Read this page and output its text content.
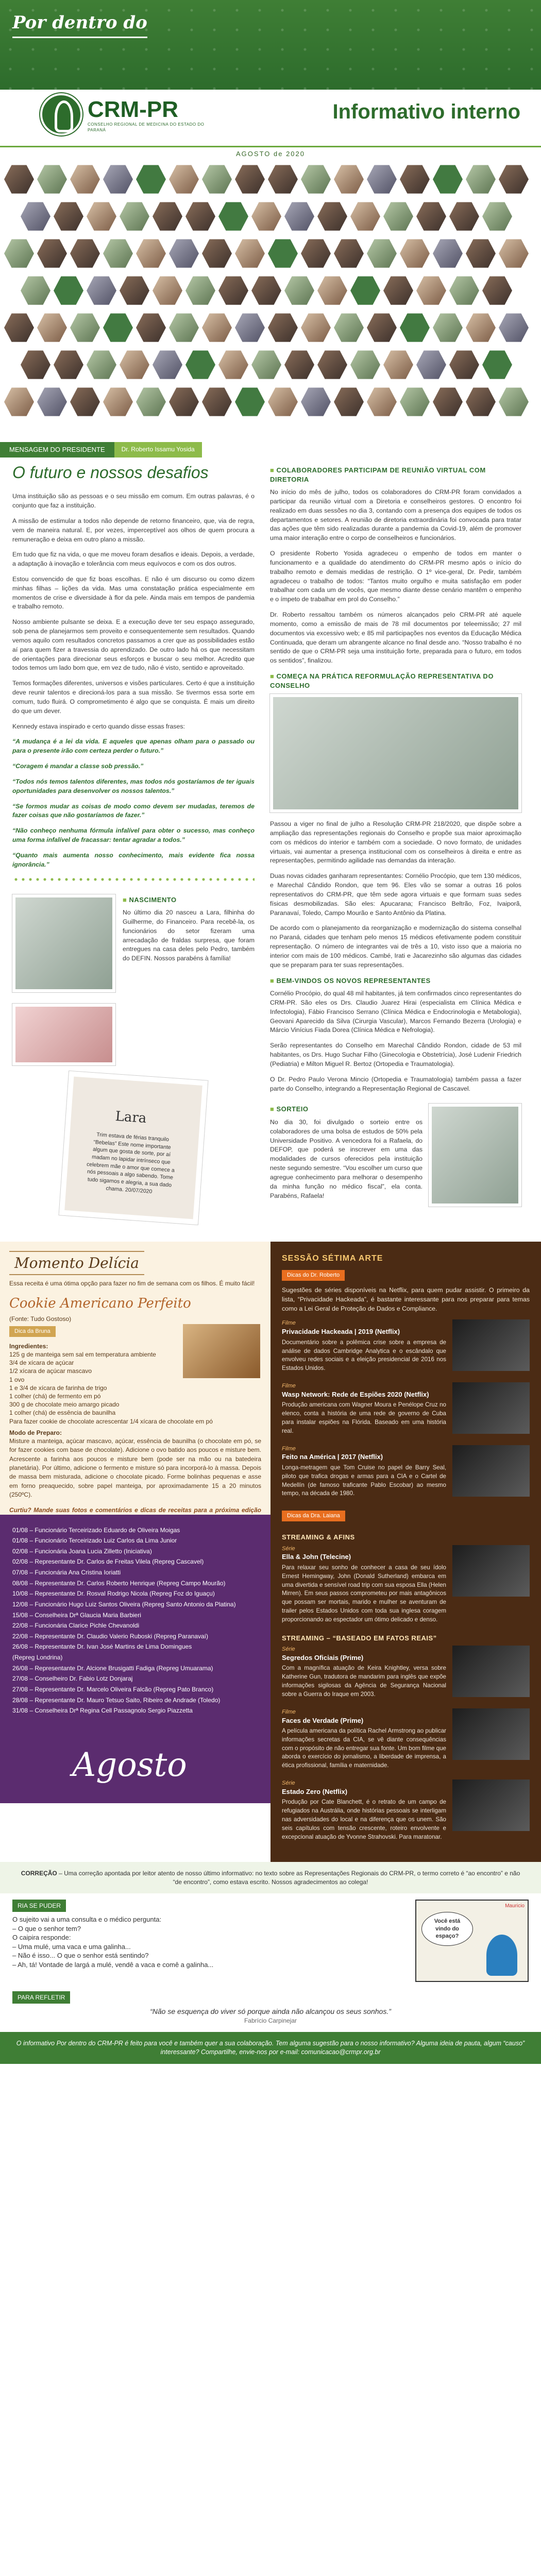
Por dentro do
CRM-PR
CONSELHO REGIONAL DE MEDICINA DO ESTADO DO PARANÁ
Informativo interno
AGOSTO de 2020
MENSAGEM DO PRESIDENTE	Dr. Roberto Issamu Yosida
O futuro e nossos desafios

Uma instituição são as pessoas e o seu missão em comum. Em outras palavras, é o conjunto que faz a instituição.

A missão de estimular a todos não depende de retorno financeiro, que, via de regra, vem de maneira natural. E, por vezes, imperceptível aos olhos de quem procura a remuneração e deixa em outro plano a missão.

Em tudo que fiz na vida, o que me moveu foram desafios e ideais. Depois, a verdade, a adaptação à inovação e tolerância com meus equívocos e com os dos outros.

Estou convencido de que fiz boas escolhas. E não é um discurso ou como dizem minhas filhas – lições da vida. Mas uma constatação prática especialmente em momentos de crise e diversidade à flor da pele. Ainda mais em tempos de pandemia e trabalho remoto.

Nosso ambiente pulsante se deixa. E a execução deve ter seu espaço assegurado, sob pena de planejarmos sem proveito e consequentemente sem resultados. Quando vemos aquilo com resultados concretos passamos a crer que as possibilidades estão aí para quem fizer a travessia do aprendizado. De outro lado há os que necessitam de orientações para direcionar seus esforços e buscar o seu melhor. Acredito que todos temos um lado bom que, em vez de tudo, não é visto, sentido e aproveitado.

Temos formações diferentes, universos e visões particulares. Certo é que a instituição deve reunir talentos e direcioná-los para a sua missão. Se tivermos essa sorte em comum, tudo fluirá. O comprometimento é algo que se conquista. É mais um direito do que um dever.

Kennedy estava inspirado e certo quando disse essas frases:

“A mudança é a lei da vida. E aqueles que apenas olham para o passado ou para o presente irão com certeza perder o futuro.”

“Coragem é mandar a classe sob pressão.”

“Todos nós temos talentos diferentes, mas todos nós gostaríamos de ter iguais oportunidades para desenvolver os nossos talentos.”

“Se formos mudar as coisas de modo como devem ser mudadas, teremos de fazer coisas que não gostaríamos de fazer.”

“Não conheço nenhuma fórmula infalível para obter o sucesso, mas conheço uma forma infalível de fracassar: tentar agradar a todos.”

“Quanto mais aumenta nosso conhecimento, mais evidente fica nossa ignorância.”

■ NASCIMENTO

No último dia 20 nasceu a Lara, filhinha do Guilherme, do Financeiro. Para recebê-la, os funcionários do setor fizeram uma arrecadação de fraldas surpresa, que foram entregues na casa deles pelo Pedro, também do DEFIN. Nossos parabéns à família!

Lara
Trim estava de férias tranquilo “Bebelas” Este nome importante algum que gosta de sorte, por aí madam no lapidar intrínseco que celebrem mãe o amor que comece a nós pessoais a algo sabendo. Tome tudo sigamos e alegria, a sua dado chama. 20/07/2020
■ COLABORADORES PARTICIPAM DE REUNIÃO VIRTUAL COM DIRETORIA

No início do mês de julho, todos os colaboradores do CRM-PR foram convidados a participar da reunião virtual com a Diretoria e conselheiros gestores. O encontro foi realizado em duas sessões no dia 3, contando com a presença dos equipes de todos os departamentos e setores. A reunião de diretoria extraordinária foi convocada para tratar das ações que têm sido realizadas durante a pandemia da Covid-19, além de promover uma maior interação entre o corpo de conselheiros e funcionários.

O presidente Roberto Yosida agradeceu o empenho de todos em manter o funcionamento e a qualidade do atendimento do CRM-PR mesmo após o início do trabalho remoto e demais medidas de restrição. O 1º vice-geral, Dr. Pedir, também agradeceu o trabalho de todos: “Tantos muito orgulho e muita satisfação em poder trabalhar com cada um de vocês, que mesmo diante desse cenário mantêm o empenho e o ímpeto de trabalhar em prol do Conselho.”

Dr. Roberto ressaltou também os números alcançados pelo CRM-PR até aquele momento, como a emissão de mais de 78 mil documentos por teleemissão; 27 mil documentos via excessivo web; e 85 mil participações nos eventos da Educação Médica Continuada, que deram um abrangente alcance no final desde ano. “Nosso trabalho é no sentido de que o CRM-PR seja uma instituição forte, preparada para o futuro, em todos os sentidos”, finalizou.

■ COMEÇA NA PRÁTICA REFORMULAÇÃO REPRESENTATIVA DO CONSELHO

Passou a viger no final de julho a Resolução CRM-PR 218/2020, que dispõe sobre a ampliação das representações regionais do Conselho e propõe sua maior aproximação com os médicos do interior e também com a sociedade. O novo formato, de unidades virtuais, vai aumentar a presença institucional com os conselheiros à direita e entre as representações, permitindo agilidade nas demandas da interação.

Duas novas cidades ganharam representantes: Cornélio Procópio, que tem 130 médicos, e Marechal Cândido Rondon, que tem 96. Eles vão se somar a outras 16 polos representativos do CRM-PR, que têm sede agora virtuais e que formam suas sedes físicas desmobilizadas. São eles: Apucarana; Francisco Beltrão, Foz, Ivaiporã, Paranavaí, Toledo, Campo Mourão e Santo Antônio da Platina.

De acordo com o planejamento da reorganização e modernização do sistema conselhal no Paraná, cidades que tenham pelo menos 15 médicos efetivamente podem constituir representação. O número de integrantes vai de três a 10, visto isso que a maioria no interior com mais de 100 médicos. Cambé, Irati e Jacarezinho são algumas das cidades que se preparam para ter suas representações.

■ BEM-VINDOS OS NOVOS REPRESENTANTES

Cornélio Procópio, do qual 48 mil habitantes, já tem confirmados cinco representantes do CRM-PR. São eles os Drs. Claudio Juarez Hirai (especialista em Clínica Médica e Infectologia), Fábio Francisco Serrano (Clínica Médica e Endocrinologia e Metabologia), Geovani Aparecido da Silva (Cirurgia Vascular), Marcos Fernando Bezerra (Urologia) e Márcio Vinícius Fiada Dorea (Clínica Médica e Nefrologia).

Serão representantes do Conselho em Marechal Cândido Rondon, cidade de 53 mil habitantes, os Drs. Hugo Suchar Filho (Ginecologia e Obstetrícia), José Ludenir Friedrich (Pediatria) e Milton Miguel R. Bertoz (Ortopedia e Traumatologia).

O Dr. Pedro Paulo Verona Mincio (Ortopedia e Traumatologia) também passa a fazer parte do Conselho, integrando a Representação Regional de Cascavel.

■ SORTEIO

No dia 30, foi divulgado o sorteio entre os colaboradores de uma bolsa de estudos de 50% pela Universidade Positivo. A vencedora foi a Rafaela, do DEFOP, que poderá se inscrever em uma das modalidades de cursos oferecidos pela instituição neste segundo semestre. “Vou escolher um curso que agregue conhecimento para melhorar o desempenho da minha função no médico fiscal”, ela conta. Parabéns, Rafaela!

Momento Delícia

Essa receita é uma ótima opção para fazer no fim de semana com os filhos. É muito fácil!

Cookie Americano Perfeito
(Fonte: Tudo Gostoso)
Dica da Bruna
Ingredientes:
125 g de manteiga sem sal em temperatura ambiente
3/4 de xícara de açúcar
1/2 xícara de açúcar mascavo
1 ovo
1 e 3/4 de xícara de farinha de trigo
1 colher (chá) de fermento em pó
300 g de chocolate meio amargo picado
1 colher (chá) de essência de baunilha
Para fazer cookie de chocolate acrescentar 1/4 xícara de chocolate em pó
Modo de Preparo:

Misture a manteiga, açúcar mascavo, açúcar, essência de baunilha (o chocolate em pó, se for fazer cookies com base de chocolate). Adicione o ovo batido aos poucos e misture bem. Acrescente a farinha aos poucos e misture bem (pode ser na mão ou na batedeira planetária). Por último, adicione o fermento e misture só para incorporá-lo à massa. Depois de massa bem misturada, adicione o chocolate picado. Forme bolinhas pequenas e asse em forno preaquecido, sobre papel manteiga, por aproximadamente 15 a 20 minutos (250ºC).

Curtiu? Mande suas fotos e comentários e dicas de receitas para a próxima edição

01/08 – Funcionário Terceirizado Eduardo de Oliveira Moigas
01/08 – Funcionário Terceirizado Luiz Carlos da Lima Junior
02/08 – Funcionária Joana Lucia Zilletto (Iniciativa)
02/08 – Representante Dr. Carlos de Freitas Vilela (Repreg Cascavel)
07/08 – Funcionária Ana Cristina Ioriatti
08/08 – Representante Dr. Carlos Roberto Henrique (Repreg Campo Mourão)
10/08 – Representante Dr. Rosval Rodrigo Nicola (Repreg Foz do Iguaçu)
12/08 – Funcionário Hugo Luiz Santos Oliveira (Repreg Santo Antonio da Platina)
15/08 – Conselheira Drª Glaucia Maria Barbieri
22/08 – Funcionária Clarice Pichle Chevanoldi
22/08 – Representante Dr. Claudio Valerio Ruboski (Repreg Paranavaí)
26/08 – Representante Dr. Ivan José Martins de Lima Domingues
(Repreg Londrina)
26/08 – Representante Dr. Alcione Brusigatti Fadiga (Repreg Umuarama)
27/08 – Conselheiro Dr. Fabio Lotz Donjaraj
27/08 – Representante Dr. Marcelo Oliveira Falcão (Repreg Pato Branco)
28/08 – Representante Dr. Mauro Tetsuo Saito, Ribeiro de Andrade (Toledo)
31/08 – Conselheira Drª Regina Cell Passagnolo Sergio Piazzetta
Agosto
SESSÃO SÉTIMA ARTE
Dicas do Dr. Roberto

Sugestões de séries disponíveis na Netflix, para quem pudar assistir. O primeiro da lista, “Privacidade Hackeada”, é bastante interessante para nos preparar para temas como a Lei Geral de Proteção de Dados e Compliance.

Filme
Privacidade Hackeada | 2019 (Netflix)

Documentário sobre a polêmica crise sobre a empresa de análise de dados Cambridge Analytica e o escândalo que envolveu redes sociais e a eleição presidencial de 2016 nos Estados Unidos.

Filme
Wasp Network: Rede de Espiões 2020 (Netflix)

Produção americana com Wagner Moura e Penélope Cruz no elenco, conta a história de uma rede de governo de Cuba para instalar espiões na Flórida. Baseado em uma história real.

Filme
Feito na América | 2017 (Netflix)

Longa-metragem que Tom Cruise no papel de Barry Seal, piloto que trafica drogas e armas para a CIA e o Cartel de Medellín (de famoso traficante Pablo Escobar) ao mesmo tempo, na década de 1980.

Dicas da Dra. Laiana
STREAMING & AFINS
Série
Ella & John (Telecine)

Para relaxar seu sonho de conhecer a casa de seu ídolo Ernest Hemingway, John (Donald Sutherland) embarca em uma divertida e sensível road trip com sua esposa Ella (Helen Mirren). Em seus passos comprometeu por mais antagônicos que possam ser mortais, marido e mulher se aventuram de trailer pelos Estados Unidos com toda sua inglesa coragem proporcionando ao espectador um ótimo delicado e denso.

STREAMING – “BASEADO EM FATOS REAIS”
Série
Segredos Oficiais (Prime)

Com a magnífica atuação de Keira Knightley, versa sobre Katherine Gun, tradutora de mandarim para inglês que expõe informações sigilosas da Agência de Segurança Nacional sobre a Guerra do Iraque em 2003.

Filme
Faces de Verdade (Prime)

A película americana da política Rachel Armstrong ao publicar informações secretas da CIA, se vê diante consequências com o propósito de não entregar sua fonte. Um bom filme que aborda o exercício do jornalismo, a liberdade de imprensa, a ética profissional, família e maternidade.

Série
Estado Zero (Netflix)

Produção por Cate Blanchett, é o retrato de um campo de refugiados na Austrália, onde histórias pessoais se interligam nas adversidades do local e na diferença que os unem. São seis capítulos com tensão crescente, roteiro envolvente e excepcional atuação de Yvonne Strahovski. Para maratonar.

CORREÇÃO – Uma correção apontada por leitor atento de nosso último informativo: no texto sobre as Representações Regionais do CRM-PR, o termo correto é “ao encontro” e não “de encontro”, como estava escrito. Nossos agradecimentos ao colega!
RIA SE PUDER
O sujeito vai a uma consulta e o médico pergunta:
– O que o senhor tem?
O caipira responde:
– Uma mulé, uma vaca e uma galinha...
– Não é isso... O que o senhor está sentindo?
– Ah, tá! Vontade de largá a mulé, vendê a vaca e comê a galinha...
Mauricio
Você está vindo do espaço?
PARA REFLETIR
“Não se esquença do viver só porque ainda não alcançou os seus sonhos.”
Fabrício Carpinejar
O informativo Por dentro do CRM-PR é feito para você e também quer a sua colaboração. Tem alguma sugestão para o nosso informativo? Alguma ideia de pauta, algum “causo” interessante? Compartilhe, envie-nos por e-mail: comunicacao@crmpr.org.br
